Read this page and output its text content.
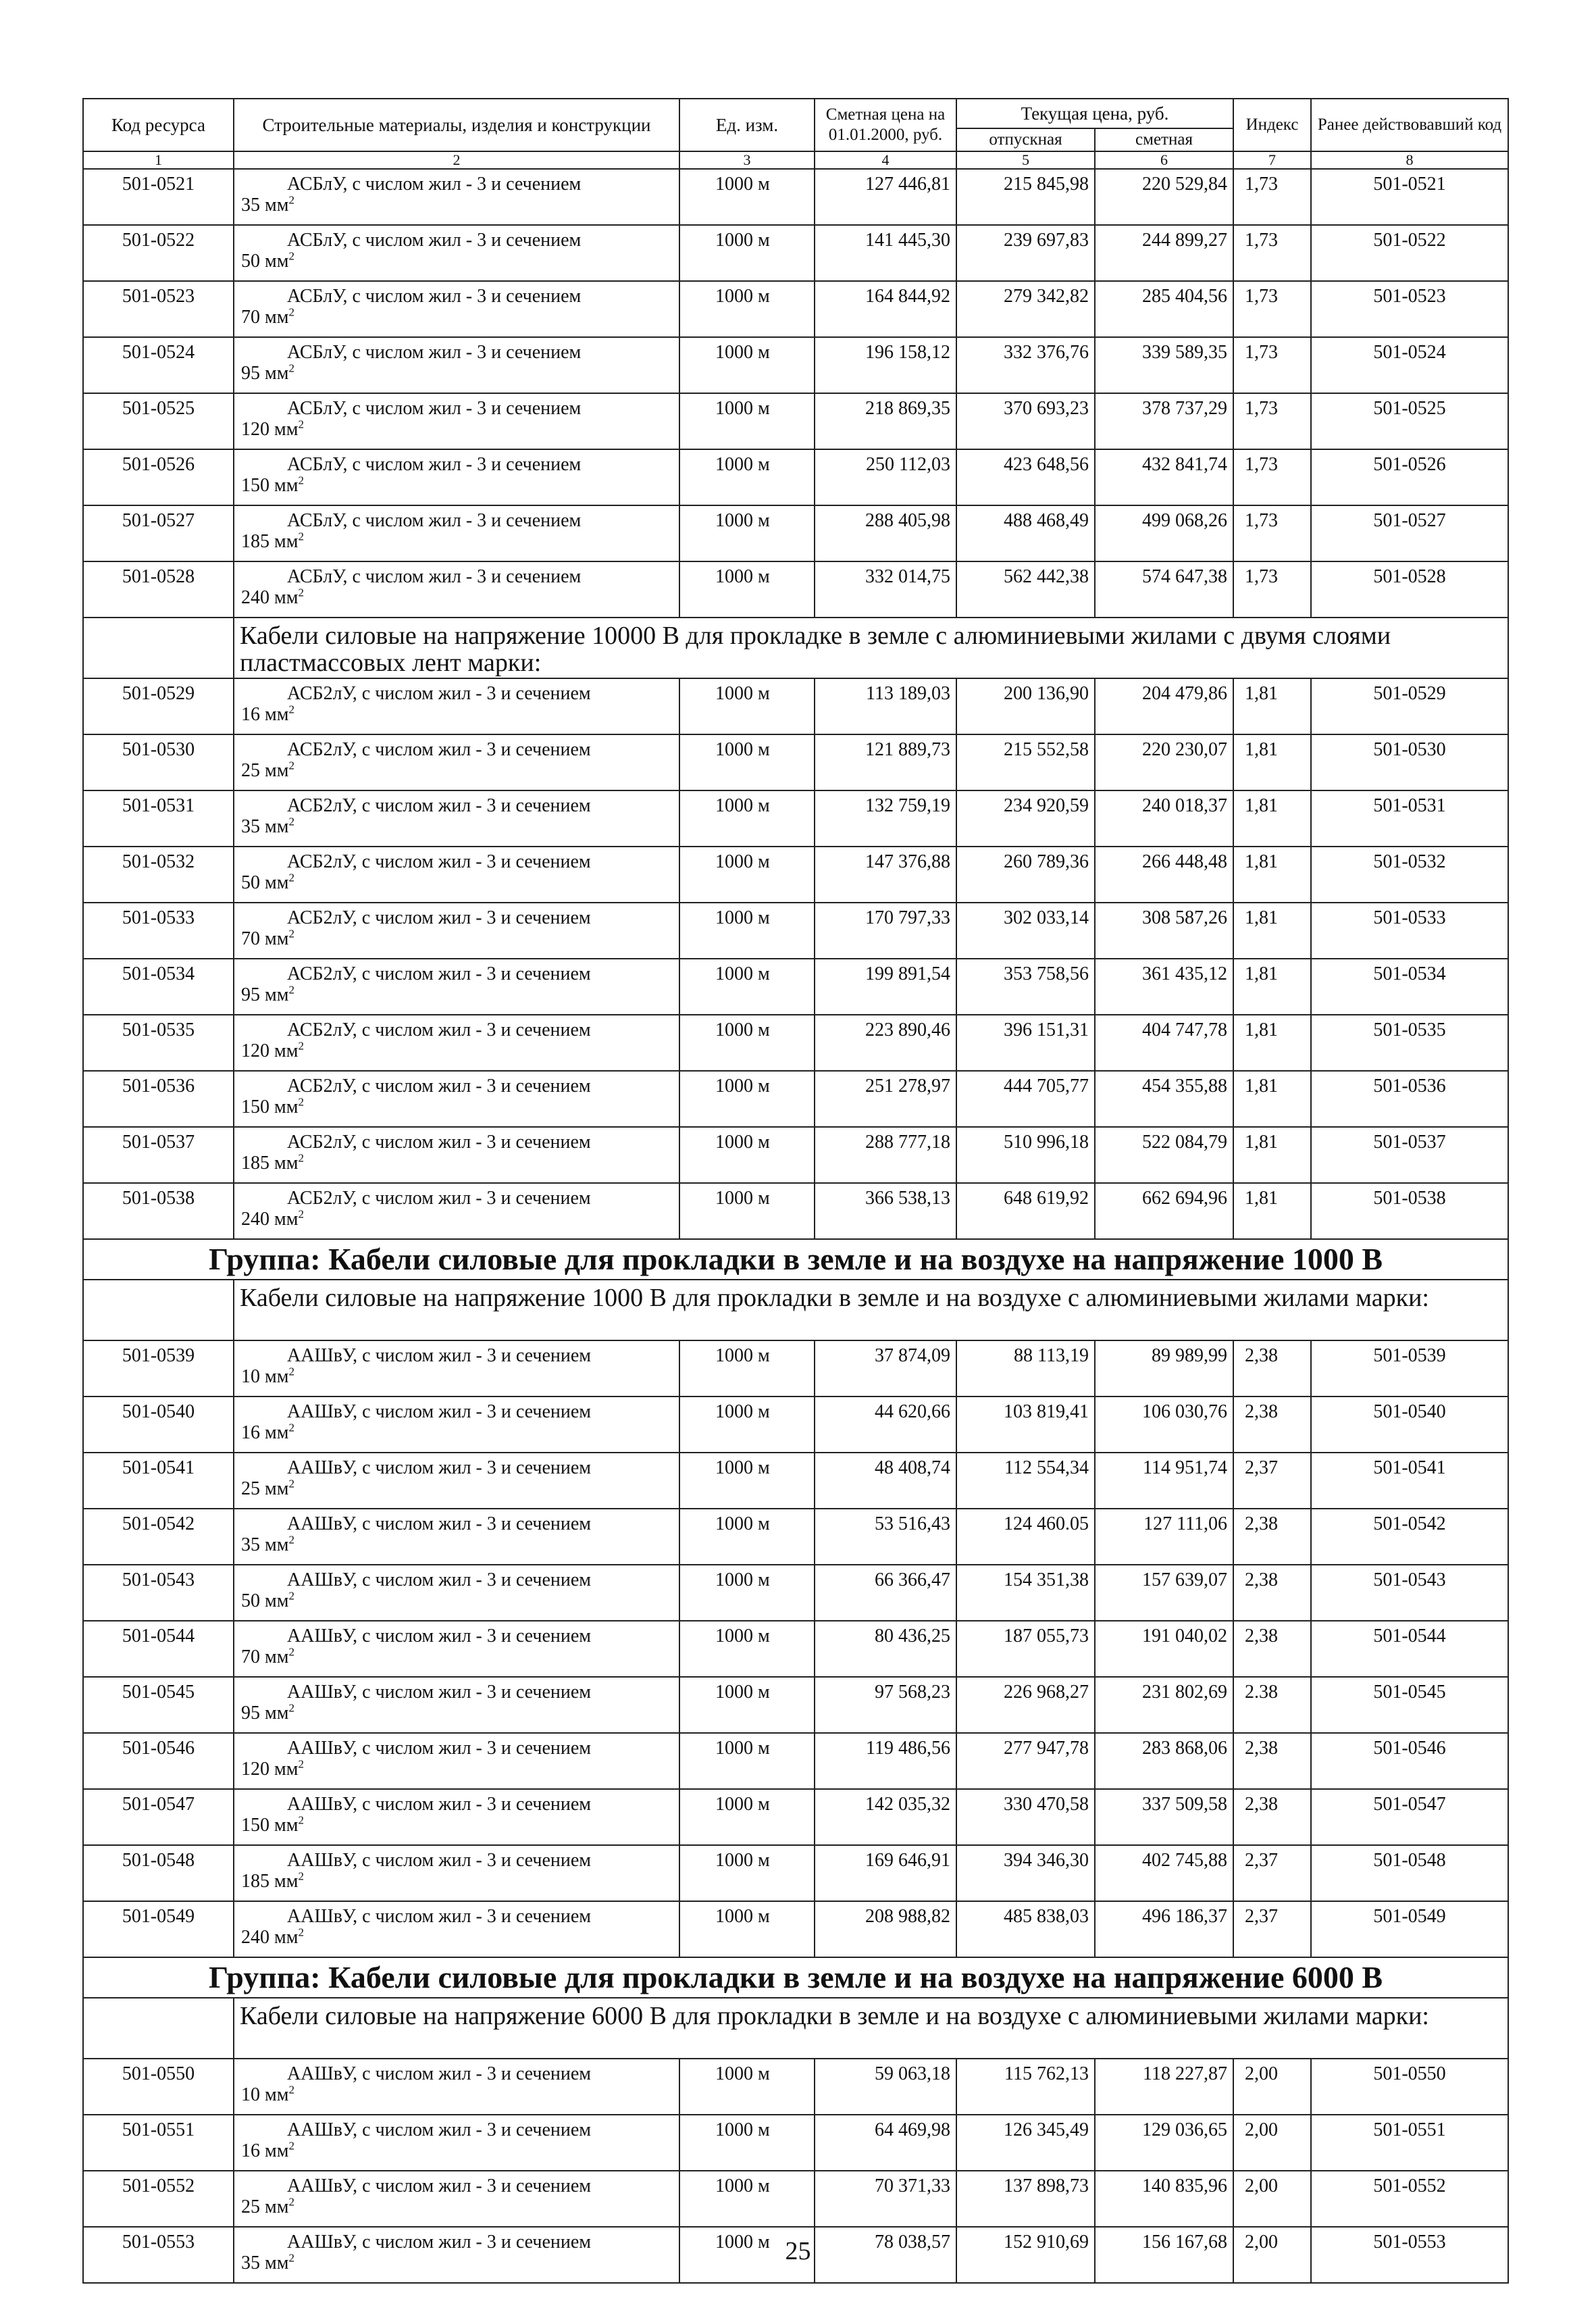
Код ресурса	Строительные материалы, изделия и конструкции	Ед. изм.	Сметная цена на 01.01.2000, руб.	Текущая цена, руб.		Индекс	Ранее действовавший код
				отпускная	сметная		
1	2	3	4	5	6	7	8
501-0521	АСБлУ, с числом жил - 3 и сечением
35 $мм^2$	1000 м	127 446,81	215 845,98	220 529,84	1,73	501-0521
501-0522	АСБлУ, с числом жил - 3 и сечением
50 $мм^2$	1000 м	141 445,30	239 697,83	244 899,27	1,73	501-0522
501-0523	АСБлУ, с числом жил - 3 и сечением
70 $мм^2$	1000 м	164 844,92	279 342,82	285 404,56	1,73	501-0523
501-0524	АСБлУ, с числом жил - 3 и сечением
95 $мм^2$	1000 м	196 158,12	332 376,76	339 589,35	1,73	501-0524
501-0525	АСБлУ, с числом жил - 3 и сечением
120 $мм^2$	1000 м	218 869,35	370 693,23	378 737,29	1,73	501-0525
501-0526	АСБлУ, с числом жил - 3 и сечением
150 $мм^2$	1000 м	250 112,03	423 648,56	432 841,74	1,73	501-0526
501-0527	АСБлУ, с числом жил - 3 и сечением
185 $мм^2$	1000 м	288 405,98	488 468,49	499 068,26	1,73	501-0527
501-0528	АСБлУ, с числом жил - 3 и сечением
240 $мм^2$	1000 м	332 014,75	562 442,38	574 647,38	1,73	501-0528
	Кабели силовые на напряжение 10000 В для прокладке в земле с алюминиевыми жилами с двумя слоями пластмассовых лент марки:						
501-0529	АСБ2лУ, с числом жил - 3 и сечением
16 $мм^2$	1000 м	113 189,03	200 136,90	204 479,86	1,81	501-0529
501-0530	АСБ2лУ, с числом жил - 3 и сечением
25 $мм^2$	1000 м	121 889,73	215 552,58	220 230,07	1,81	501-0530
501-0531	АСБ2лУ, с числом жил - 3 и сечением
35 $мм^2$	1000 м	132 759,19	234 920,59	240 018,37	1,81	501-0531
501-0532	АСБ2лУ, с числом жил - 3 и сечением
50 $мм^2$	1000 м	147 376,88	260 789,36	266 448,48	1,81	501-0532
501-0533	АСБ2лУ, с числом жил - 3 и сечением
70 $мм^2$	1000 м	170 797,33	302 033,14	308 587,26	1,81	501-0533
501-0534	АСБ2лУ, с числом жил - 3 и сечением
95 $мм^2$	1000 м	199 891,54	353 758,56	361 435,12	1,81	501-0534
501-0535	АСБ2лУ, с числом жил - 3 и сечением
120 $мм^2$	1000 м	223 890,46	396 151,31	404 747,78	1,81	501-0535
501-0536	АСБ2лУ, с числом жил - 3 и сечением
150 $мм^2$	1000 м	251 278,97	444 705,77	454 355,88	1,81	501-0536
501-0537	АСБ2лУ, с числом жил - 3 и сечением
185 $мм^2$	1000 м	288 777,18	510 996,18	522 084,79	1,81	501-0537
501-0538	АСБ2лУ, с числом жил - 3 и сечением
240 $мм^2$	1000 м	366 538,13	648 619,92	662 694,96	1,81	501-0538
Группа: Кабели силовые для прокладки в земле и на воздухе на напряжение 1000 В							
	Кабели силовые на напряжение 1000 В для прокладки в земле и на воздухе с алюминиевыми жилами марки:						
501-0539	ААШвУ, с числом жил - 3 и сечением
10 $мм^2$	1000 м	37 874,09	88 113,19	89 989,99	2,38	501-0539
501-0540	ААШвУ, с числом жил - 3 и сечением
16 $мм^2$	1000 м	44 620,66	103 819,41	106 030,76	2,38	501-0540
501-0541	ААШвУ, с числом жил - 3 и сечением
25 $мм^2$	1000 м	48 408,74	112 554,34	114 951,74	2,37	501-0541
501-0542	ААШвУ, с числом жил - 3 и сечением
35 $мм^2$	1000 м	53 516,43	124 460.05	127 111,06	2,38	501-0542
501-0543	ААШвУ, с числом жил - 3 и сечением
50 $мм^2$	1000 м	66 366,47	154 351,38	157 639,07	2,38	501-0543
501-0544	ААШвУ, с числом жил - 3 и сечением
70 $мм^2$	1000 м	80 436,25	187 055,73	191 040,02	2,38	501-0544
501-0545	ААШвУ, с числом жил - 3 и сечением
95 $мм^2$	1000 м	97 568,23	226 968,27	231 802,69	2.38	501-0545
501-0546	ААШвУ, с числом жил - 3 и сечением
120 $мм^2$	1000 м	119 486,56	277 947,78	283 868,06	2,38	501-0546
501-0547	ААШвУ, с числом жил - 3 и сечением
150 $мм^2$	1000 м	142 035,32	330 470,58	337 509,58	2,38	501-0547
501-0548	ААШвУ, с числом жил - 3 и сечением
185 $мм^2$	1000 м	169 646,91	394 346,30	402 745,88	2,37	501-0548
501-0549	ААШвУ, с числом жил - 3 и сечением
240 $мм^2$	1000 м	208 988,82	485 838,03	496 186,37	2,37	501-0549
Группа: Кабели силовые для прокладки в земле и на воздухе на напряжение 6000 В							
	Кабели силовые на напряжение 6000 В для прокладки в земле и на воздухе с алюминиевыми жилами марки:						
501-0550	ААШвУ, с числом жил - 3 и сечением
10 $мм^2$	1000 м	59 063,18	115 762,13	118 227,87	2,00	501-0550
501-0551	ААШвУ, с числом жил - 3 и сечением
16 $мм^2$	1000 м	64 469,98	126 345,49	129 036,65	2,00	501-0551
501-0552	ААШвУ, с числом жил - 3 и сечением
25 $мм^2$	1000 м	70 371,33	137 898,73	140 835,96	2,00	501-0552
501-0553	ААШвУ, с числом жил - 3 и сечением
35 $мм^2$	1000 м	78 038,57	152 910,69	156 167,68	2,00	501-0553
25
